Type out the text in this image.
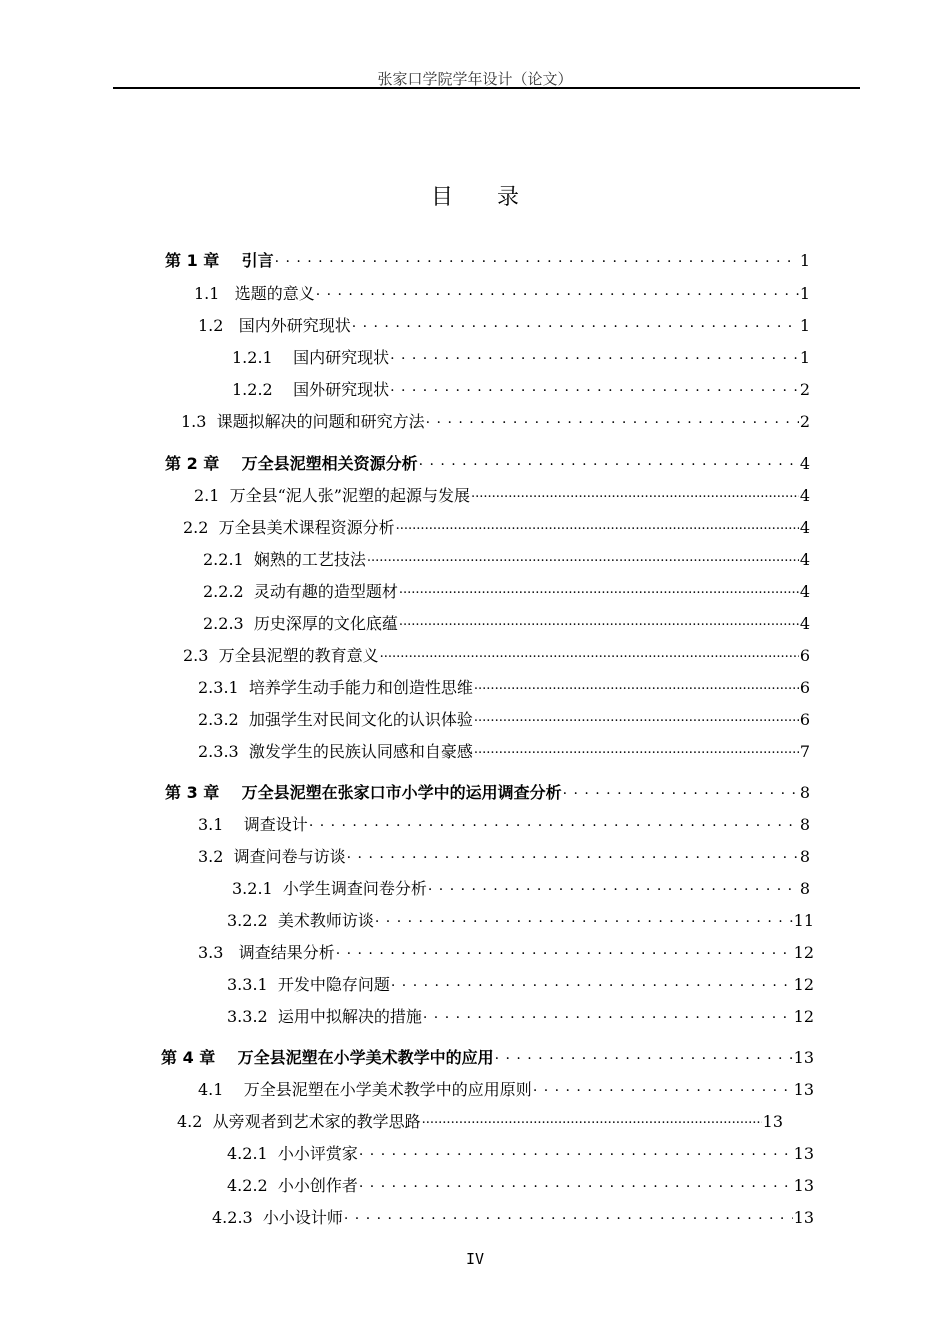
张家口学院学年设计（论文）
目录
第 1 章 引言 . . .	1
1.1 选题的意义 . . .	1
1.2 国内外研究现状 . . .	1
1.2.1 国内研究现状 . . .	1
1.2.2 国外研究现状 . . .	2
1.3 课题拟解决的问题和研究方法 . . .	2
第 2 章 万全县泥塑相关资源分析 . . .	4
2.1 万全县“泥人张”泥塑的起源与发展 .....	4
2.2 万全县美术课程资源分析 .....	4
2.2.1 娴熟的工艺技法 .....	4
2.2.2 灵动有趣的造型题材 .....	4
2.2.3 历史深厚的文化底蕴 .....	4
2.3 万全县泥塑的教育意义 .....	6
2.3.1 培养学生动手能力和创造性思维 .....	6
2.3.2 加强学生对民间文化的认识体验 .....	6
2.3.3 激发学生的民族认同感和自豪感 .....	7
第 3 章 万全县泥塑在张家口市小学中的运用调查分析 . . .	8
3.1 调查设计 . . .	8
3.2 调查问卷与访谈 . . .	8
3.2.1 小学生调查问卷分析 . . .	8
3.2.2 美术教师访谈 . . .	11
3.3 调查结果分析 . . .	12
3.3.1 开发中隐存问题 . . .	12
3.3.2 运用中拟解决的措施 . . .	12
第 4 章 万全县泥塑在小学美术教学中的应用 . . .	13
4.1 万全县泥塑在小学美术教学中的应用原则 . . .	13
4.2 从旁观者到艺术家的教学思路 .....	13
4.2.1 小小评赏家 . . .	13
4.2.2 小小创作者 . . .	13
4.2.3 小小设计师 . . .	13
IV
